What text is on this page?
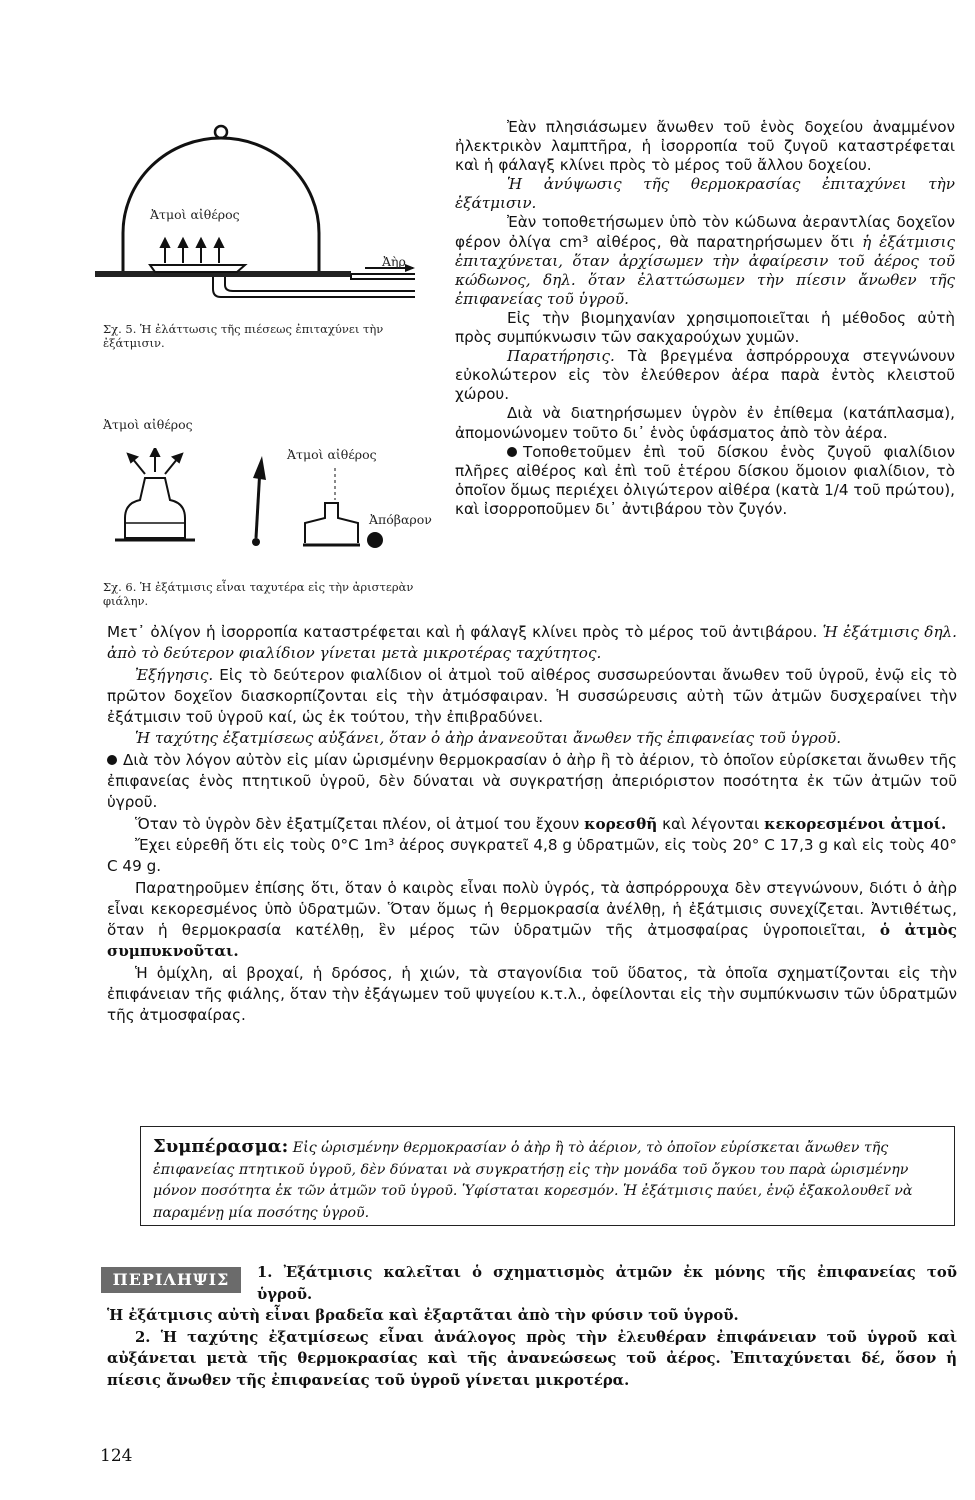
Ἀτμοὶ αἰθέρος
Ἀὴρ
Σχ. 5. Ἡ ἐλάττωσις τῆς πιέσεως ἐπιταχύνει τὴν ἐξάτμισιν.
Ἀτμοὶ αἰθέρος
Ἀτμοὶ αἰθέρος
Ἀπόβαρον
Σχ. 6. Ἡ ἐξάτμισις εἶναι ταχυτέρα εἰς τὴν ἀριστερὰν φιάλην.

Ἐὰν πλησιάσωμεν ἄνωθεν τοῦ ἑνὸς δοχείου ἀναμμένον ἠλεκτρικὸν λαμπτῆρα, ἡ ἰσορροπία τοῦ ζυγοῦ καταστρέφεται καὶ ἡ φάλαγξ κλίνει πρὸς τὸ μέρος τοῦ ἄλλου δοχείου.

Ἡ ἀνύψωσις τῆς θερμοκρασίας ἐπιταχύνει τὴν ἐξάτμισιν.

Ἐὰν τοποθετήσωμεν ὑπὸ τὸν κώδωνα ἀεραντλίας δοχεῖον φέρον ὀλίγα cm³ αἰθέρος, θὰ παρατηρήσωμεν ὅτι ἡ ἐξάτμισις ἐπιταχύνεται, ὅταν ἀρχίσωμεν τὴν ἀφαίρεσιν τοῦ ἀέρος τοῦ κώδωνος, δηλ. ὅταν ἐλαττώσωμεν τὴν πίεσιν ἄνωθεν τῆς ἐπιφανείας τοῦ ὑγροῦ.

Εἰς τὴν βιομηχανίαν χρησιμοποιεῖται ἡ μέθοδος αὐτὴ πρὸς συμπύκνωσιν τῶν σακχαρούχων χυμῶν.

Παρατήρησις. Τὰ βρεγμένα ἀσπρόρρουχα στεγνώνουν εὐκολώτερον εἰς τὸν ἐλεύθερον ἀέρα παρὰ ἐντὸς κλειστοῦ χώρου.

Διὰ νὰ διατηρήσωμεν ὑγρὸν ἐν ἐπίθεμα (κατάπλασμα), ἀπομονώνομεν τοῦτο δι᾽ ἑνὸς ὑφάσματος ἀπὸ τὸν ἀέρα.

Τοποθετοῦμεν ἐπὶ τοῦ δίσκου ἑνὸς ζυγοῦ φιαλίδιον πλῆρες αἰθέρος καὶ ἐπὶ τοῦ ἑτέρου δίσκου ὅμοιον φιαλίδιον, τὸ ὁποῖον ὅμως περιέχει ὀλιγώτερον αἰθέρα (κατὰ 1/4 τοῦ πρώτου), καὶ ἰσορροποῦμεν δι᾽ ἀντιβάρου τὸν ζυγόν.

Μετ᾽ ὀλίγον ἡ ἰσορροπία καταστρέφεται καὶ ἡ φάλαγξ κλίνει πρὸς τὸ μέρος τοῦ ἀντιβάρου. Ἡ ἐξάτμισις δηλ. ἀπὸ τὸ δεύτερον φιαλίδιον γίνεται μετὰ μικροτέρας ταχύτητος.

Ἐξήγησις. Εἰς τὸ δεύτερον φιαλίδιον οἱ ἀτμοὶ τοῦ αἰθέρος συσσωρεύονται ἄνωθεν τοῦ ὑγροῦ, ἐνῷ εἰς τὸ πρῶτον δοχεῖον διασκορπίζονται εἰς τὴν ἀτμόσφαιραν. Ἡ συσσώρευσις αὐτὴ τῶν ἀτμῶν δυσχεραίνει τὴν ἐξάτμισιν τοῦ ὑγροῦ καί, ὡς ἐκ τούτου, τὴν ἐπιβραδύνει.

Ἡ ταχύτης ἐξατμίσεως αὐξάνει, ὅταν ὁ ἀὴρ ἀνανεοῦται ἄνωθεν τῆς ἐπιφανείας τοῦ ὑγροῦ.

Διὰ τὸν λόγον αὐτὸν εἰς μίαν ὡρισμένην θερμοκρασίαν ὁ ἀὴρ ἢ τὸ ἀέριον, τὸ ὁποῖον εὑρίσκεται ἄνωθεν τῆς ἐπιφανείας ἑνὸς πτητικοῦ ὑγροῦ, δὲν δύναται νὰ συγκρατήσῃ ἀπεριόριστον ποσότητα ἐκ τῶν ἀτμῶν τοῦ ὑγροῦ.

Ὅταν τὸ ὑγρὸν δὲν ἐξατμίζεται πλέον, οἱ ἀτμοί του ἔχουν κορεσθῆ καὶ λέγονται κεκορεσμένοι ἀτμοί.

Ἔχει εὑρεθῆ ὅτι εἰς τοὺς 0°C 1m³ ἀέρος συγκρατεῖ 4,8 g ὑδρατμῶν, εἰς τοὺς 20° C 17,3 g καὶ εἰς τοὺς 40° C 49 g.

Παρατηροῦμεν ἐπίσης ὅτι, ὅταν ὁ καιρὸς εἶναι πολὺ ὑγρός, τὰ ἀσπρόρρουχα δὲν στεγνώνουν, διότι ὁ ἀὴρ εἶναι κεκορεσμένος ὑπὸ ὑδρατμῶν. Ὅταν ὅμως ἡ θερμοκρασία ἀνέλθῃ, ἡ ἐξάτμισις συνεχίζεται. Ἀντιθέτως, ὅταν ἡ θερμοκρασία κατέλθῃ, ἓν μέρος τῶν ὑδρατμῶν τῆς ἀτμοσφαίρας ὑγροποιεῖται, ὁ ἀτμὸς συμπυκνοῦται.

Ἡ ὁμίχλη, αἱ βροχαί, ἡ δρόσος, ἡ χιών, τὰ σταγονίδια τοῦ ὕδατος, τὰ ὁποῖα σχηματίζονται εἰς τὴν ἐπιφάνειαν τῆς φιάλης, ὅταν τὴν ἐξάγωμεν τοῦ ψυγείου κ.τ.λ., ὀφείλονται εἰς τὴν συμπύκνωσιν τῶν ὑδρατμῶν τῆς ἀτμοσφαίρας.

Συμπέρασμα: Εἰς ὡρισμένην θερμοκρασίαν ὁ ἀὴρ ἢ τὸ ἀέριον, τὸ ὁποῖον εὑρίσκεται ἄνωθεν τῆς ἐπιφανείας πτητικοῦ ὑγροῦ, δὲν δύναται νὰ συγκρατήσῃ εἰς τὴν μονάδα τοῦ ὄγκου του παρὰ ὡρισμένην μόνον ποσότητα ἐκ τῶν ἀτμῶν τοῦ ὑγροῦ. Ὑφίσταται κορεσμόν. Ἡ ἐξάτμισις παύει, ἐνῷ ἐξακολουθεῖ νὰ παραμένῃ μία ποσότης ὑγροῦ.
ΠΕΡΙΛΗΨΙΣ	1. Ἐξάτμισις καλεῖται ὁ σχηματισμὸς ἀτμῶν ἐκ μόνης τῆς ἐπιφανείας τοῦ ὑγροῦ.

Ἡ ἐξάτμισις αὐτὴ εἶναι βραδεῖα καὶ ἐξαρτᾶται ἀπὸ τὴν φύσιν τοῦ ὑγροῦ.

2. Ἡ ταχύτης ἐξατμίσεως εἶναι ἀνάλογος πρὸς τὴν ἐλευθέραν ἐπιφάνειαν τοῦ ὑγροῦ καὶ αὐξάνεται μετὰ τῆς θερμοκρασίας καὶ τῆς ἀνανεώσεως τοῦ ἀέρος. Ἐπιταχύνεται δέ, ὅσον ἡ πίεσις ἄνωθεν τῆς ἐπιφανείας τοῦ ὑγροῦ γίνεται μικροτέρα.

124
